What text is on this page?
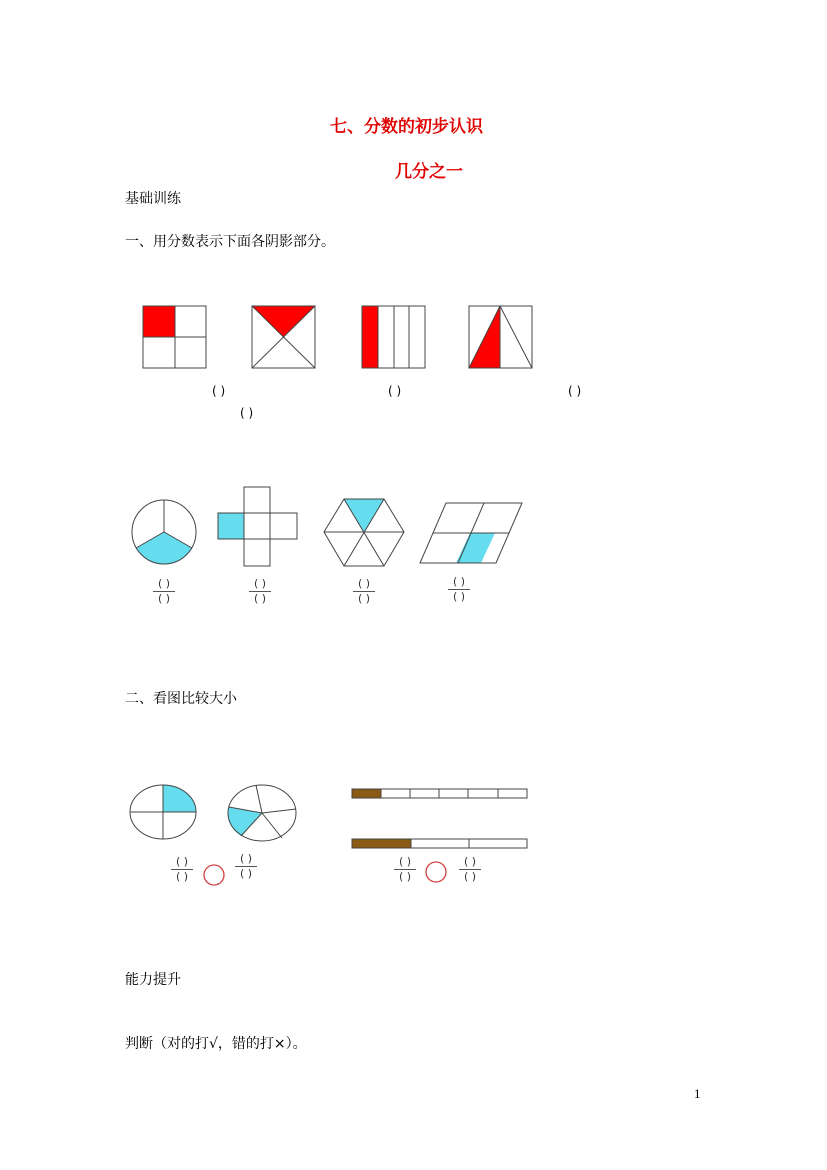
七、分数的初步认识
几分之一
基础训练
一、用分数表示下面各阴影部分。
( )	( )	( )
( )
( )
( )
( )
( )
( )
( )
( )
( )
二、看图比较大小
( )
( )
( )
( )
( )
( )
( )
( )
能力提升
判断（对的打√，错的打×）。
1
